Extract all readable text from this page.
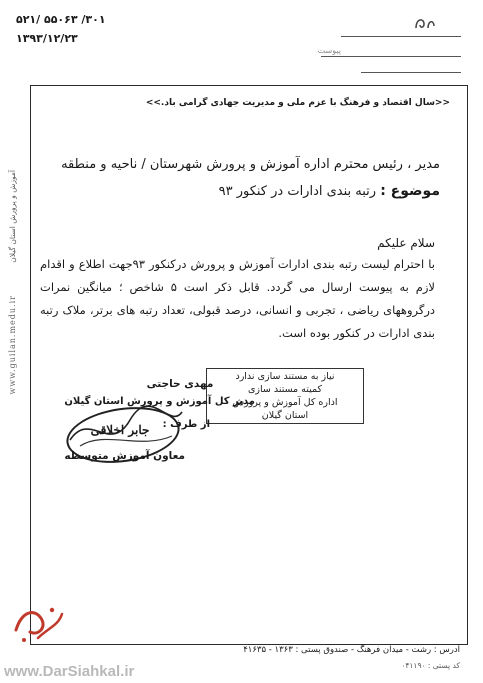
۵۲۱/ ۵۵۰۶۳ /۳۰۱
۱۳۹۳/۱۲/۲۳
پیوست
آموزش و پرورش استان گیلان
www.guilan.medu.ir
<<سال اقتصاد و فرهنگ با عزم ملی و مدیریت جهادی گرامی باد.>>
مدیر ، رئیس محترم اداره آموزش و پرورش شهرستان / ناحیه و منطقه
موضوع : رتبه بندی ادارات در کنکور ۹۳
سلام علیکم
با احترام لیست رتبه بندی ادارات آموزش و پرورش درکنکور ۹۳جهت اطلاع و اقدام لازم به پیوست ارسال می گردد. قابل ذکر است ۵ شاخص ؛ میانگین نمرات درگروههای ریاضی ، تجربی و انسانی، درصد قبولی، تعداد رتبه های برتر، ملاک رتبه بندی ادارات در کنکور بوده است.
نیاز به مستند سازی ندارد
کمیته مستند سازی
اداره کل آموزش و پرورش
استان گیلان
مهدی حاجتی
مدیر کل آموزش و پرورش استان گیلان
از طرف :
جابر اخلاقی
معاون آموزش متوسطه
آدرس : رشت - میدان فرهنگ - صندوق پستی : ۱۳۶۳ - ۴۱۶۳۵
کد پستی : ۰۴۱۱۹۰
www.DarSiahkal.ir
